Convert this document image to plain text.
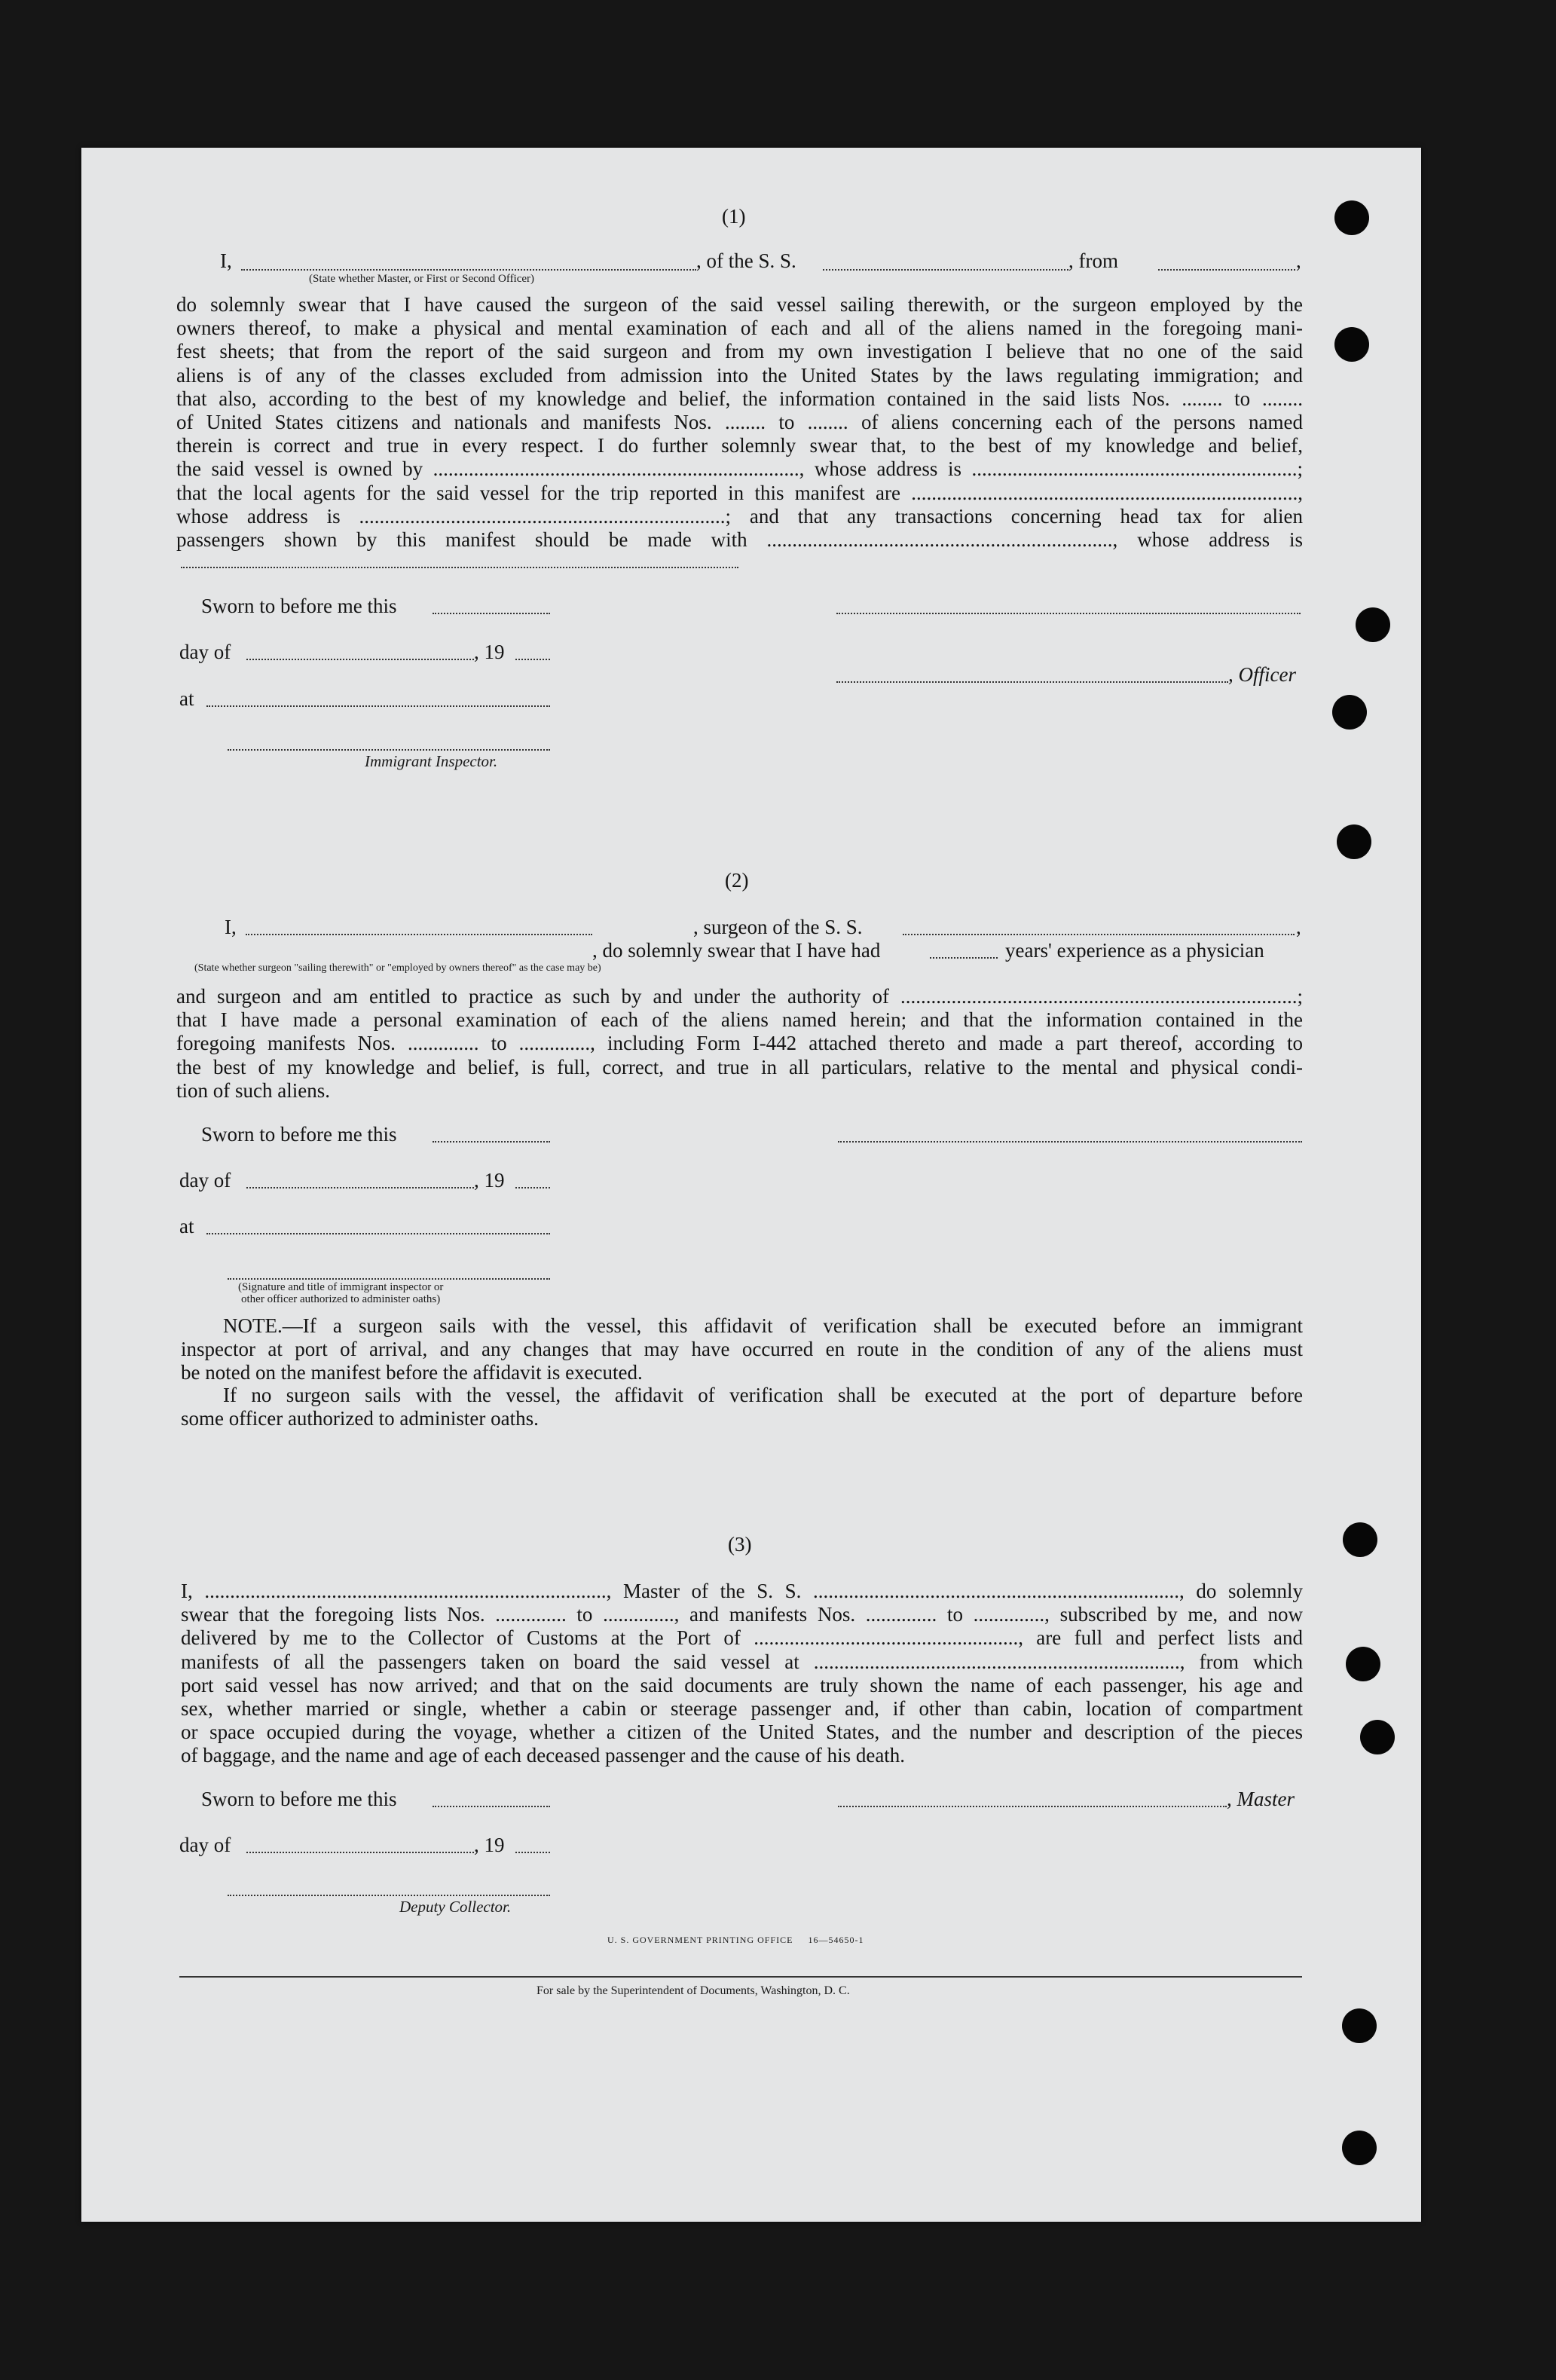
(1)
I,	, of the S. S.	, from	,
(State whether Master, or First or Second Officer)
do solemnly swear that I have caused the surgeon of the said vessel sailing therewith, or the surgeon employed by the
owners thereof, to make a physical and mental examination of each and all of the aliens named in the foregoing mani-
fest sheets; that from the report of the said surgeon and from my own investigation I believe that no one of the said
aliens is of any of the classes excluded from admission into the United States by the laws regulating immigration; and
that also, according to the best of my knowledge and belief, the information contained in the said lists Nos. ........ to ........
of United States citizens and nationals and manifests Nos. ........ to ........ of aliens concerning each of the persons named
therein is correct and true in every respect. I do further solemnly swear that, to the best of my knowledge and belief,
the said vessel is owned by ........................................................................, whose address is ................................................................;
that the local agents for the said vessel for the trip reported in this manifest are ............................................................................,
whose address is ........................................................................; and that any transactions concerning head tax for alien
passengers shown by this manifest should be made with ...................................................................., whose address is
Sworn to before me this
day of	, 19
, Officer
at
Immigrant Inspector.
(2)
I,
, do solemnly swear that I have had
, surgeon of the S. S.	,
years' experience as a physician
(State whether surgeon "sailing therewith" or "employed by owners thereof" as the case may be)
and surgeon and am entitled to practice as such by and under the authority of ..............................................................................;
that I have made a personal examination of each of the aliens named herein; and that the information contained in the
foregoing manifests Nos. .............. to .............., including Form I-442 attached thereto and made a part thereof, according to
the best of my knowledge and belief, is full, correct, and true in all particulars, relative to the mental and physical condi-
tion of such aliens.
Sworn to before me this
day of	, 19
at
(Signature and title of immigrant inspector or
other officer authorized to administer oaths)
NOTE.—If a surgeon sails with the vessel, this affidavit of verification shall be executed before an immigrant
inspector at port of arrival, and any changes that may have occurred en route in the condition of any of the aliens must
be noted on the manifest before the affidavit is executed.
If no surgeon sails with the vessel, the affidavit of verification shall be executed at the port of departure before
some officer authorized to administer oaths.
(3)
I, ..............................................................................., Master of the S. S. ........................................................................, do solemnly
swear that the foregoing lists Nos. .............. to .............., and manifests Nos. .............. to .............., subscribed by me, and now
delivered by me to the Collector of Customs at the Port of ...................................................., are full and perfect lists and
manifests of all the passengers taken on board the said vessel at ........................................................................, from which
port said vessel has now arrived; and that on the said documents are truly shown the name of each passenger, his age and
sex, whether married or single, whether a cabin or steerage passenger and, if other than cabin, location of compartment
or space occupied during the voyage, whether a citizen of the United States, and the number and description of the pieces
of baggage, and the name and age of each deceased passenger and the cause of his death.
Sworn to before me this	, Master
day of	, 19
Deputy Collector.
U. S. GOVERNMENT PRINTING OFFICE     16—54650-1
For sale by the Superintendent of Documents, Washington, D. C.
